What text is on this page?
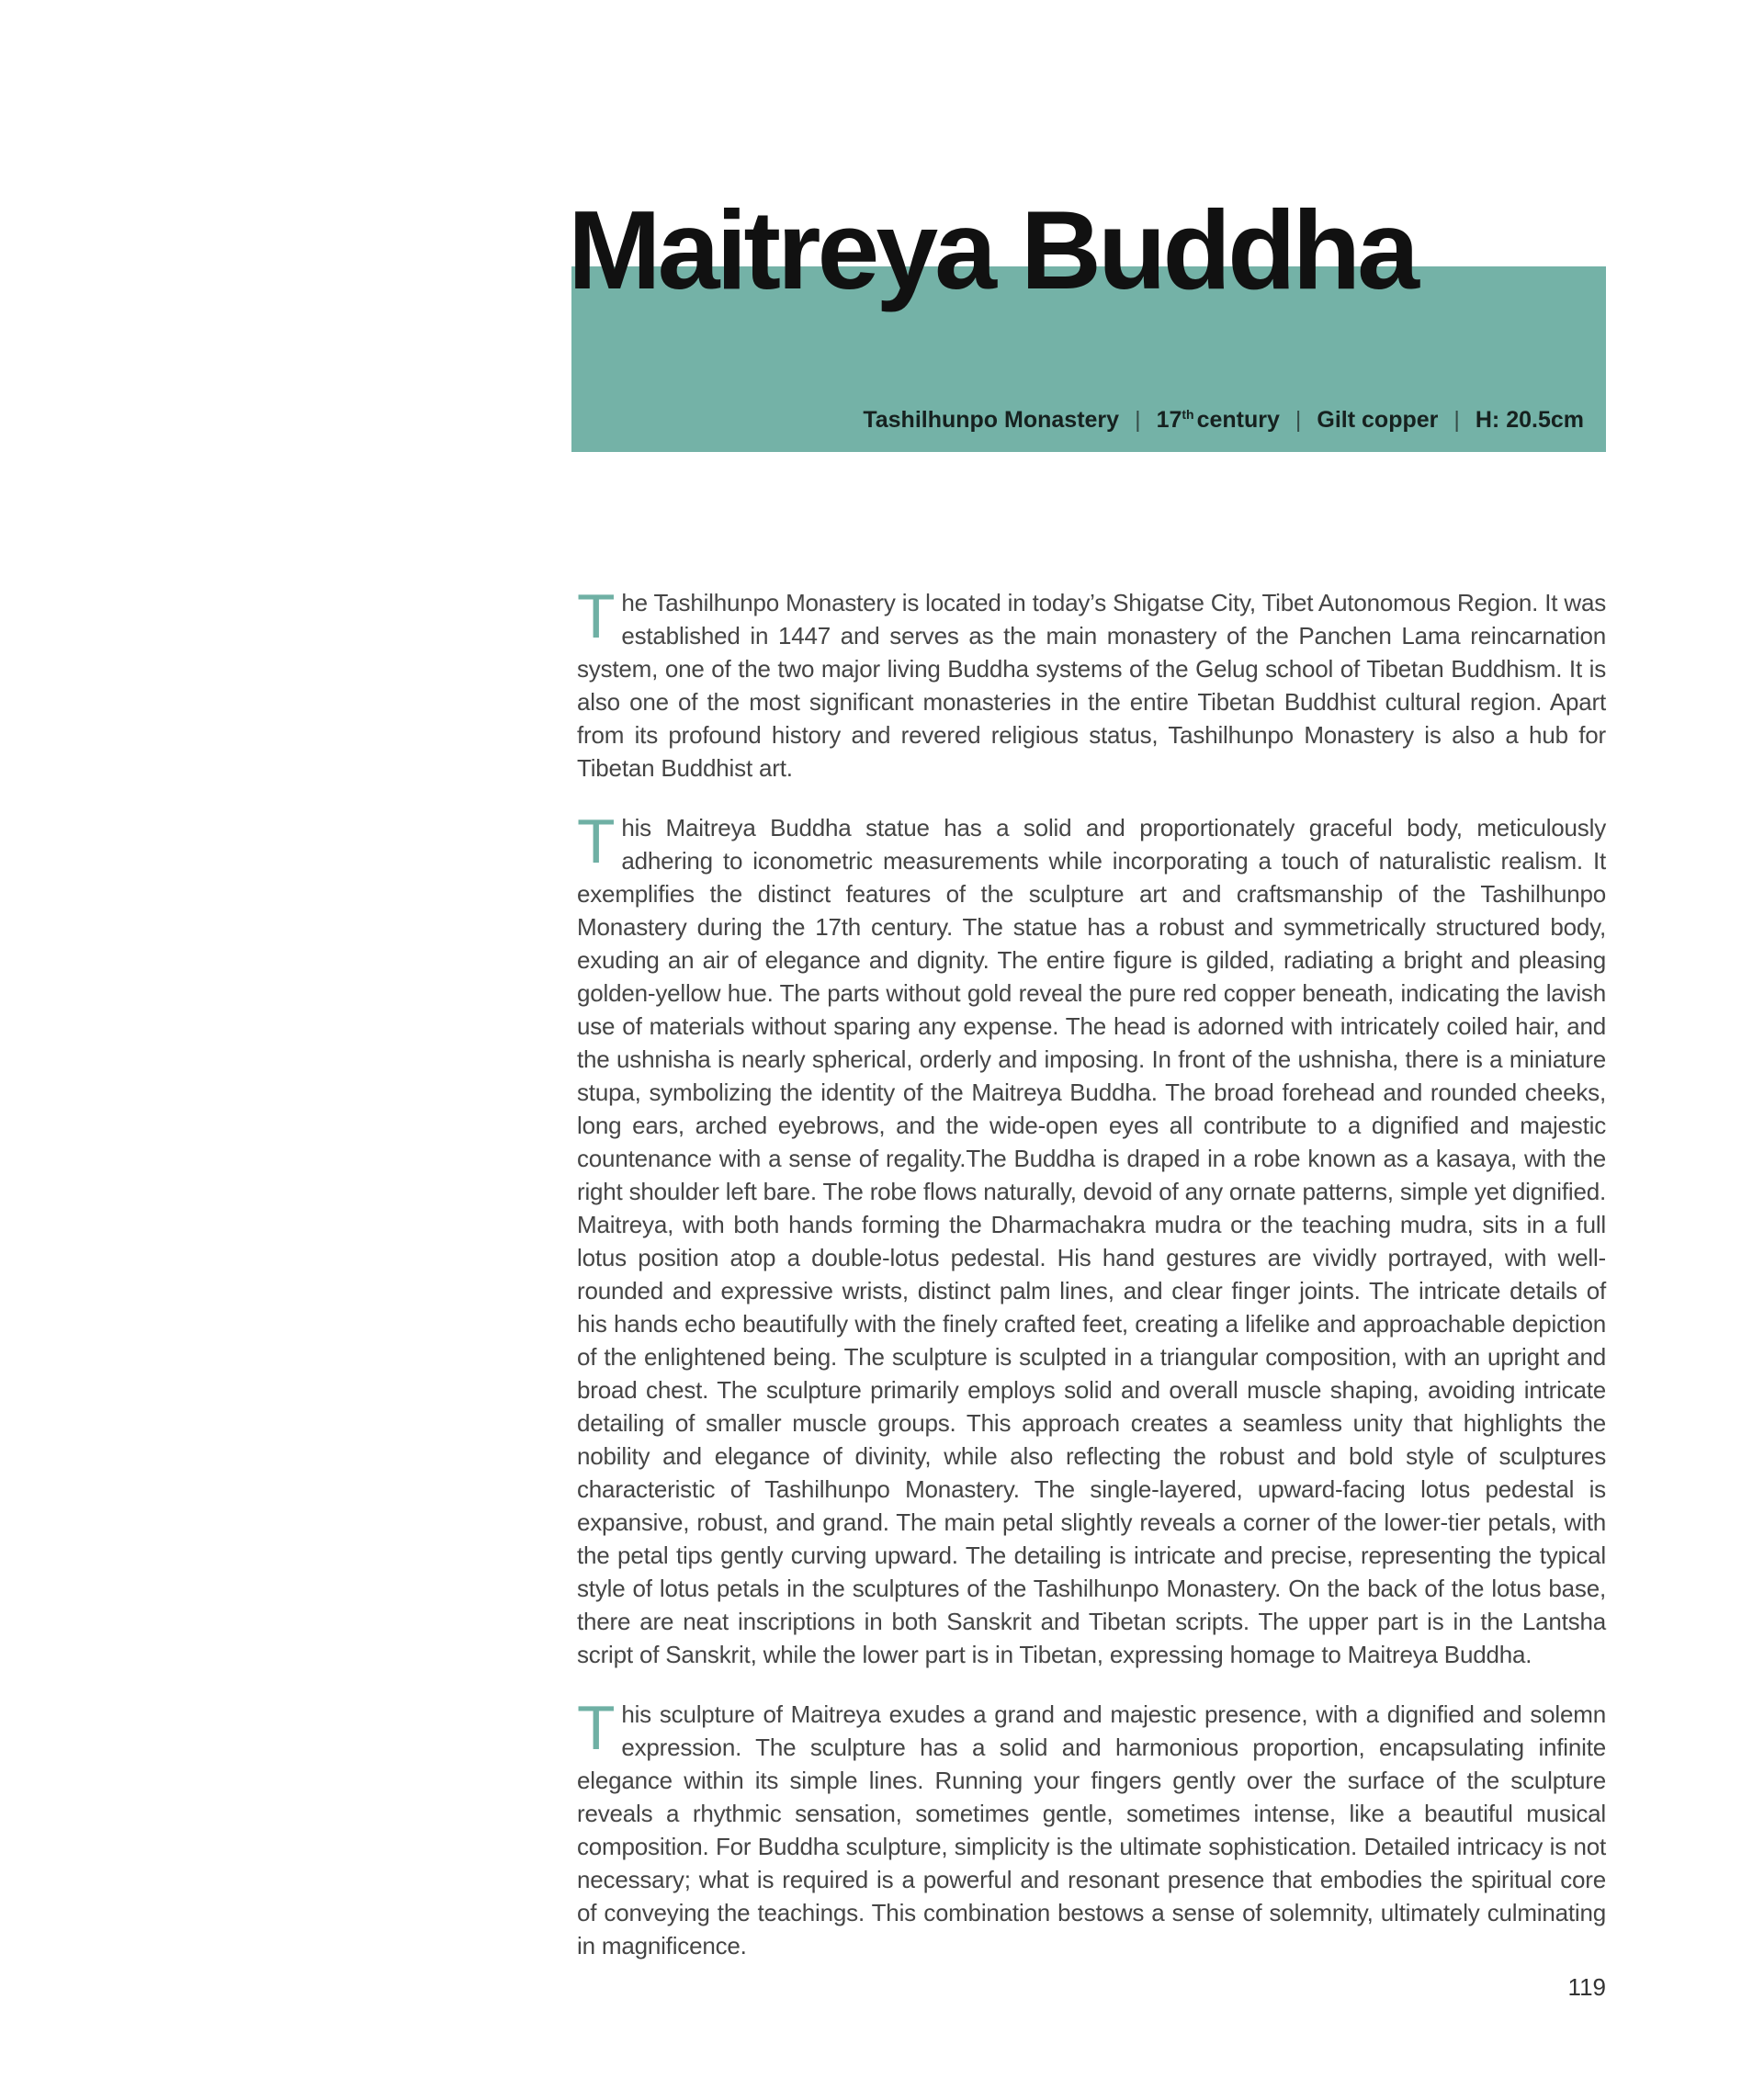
Tashilhunpo Monastery | 17th century | Gilt copper | H: 20.5cm
Maitreya Buddha

The Tashilhunpo Monastery is located in today’s Shigatse City, Tibet Autonomous Region. It was established in 1447 and serves as the main monastery of the Panchen Lama reincarnation system, one of the two major living Buddha systems of the Gelug school of Tibetan Buddhism. It is also one of the most significant monasteries in the entire Tibetan Buddhist cultural region. Apart from its profound history and revered religious status, Tashilhunpo Monastery is also a hub for Tibetan Buddhist art.

This Maitreya Buddha statue has a solid and proportionately graceful body, meticulously adhering to iconometric measurements while incorporating a touch of naturalistic realism. It exemplifies the distinct features of the sculpture art and craftsmanship of the Tashilhunpo Monastery during the 17th century. The statue has a robust and symmetrically structured body, exuding an air of elegance and dignity. The entire figure is gilded, radiating a bright and pleasing golden-yellow hue. The parts without gold reveal the pure red copper beneath, indicating the lavish use of materials without sparing any expense. The head is adorned with intricately coiled hair, and the ushnisha is nearly spherical, orderly and imposing. In front of the ushnisha, there is a miniature stupa, symbolizing the identity of the Maitreya Buddha. The broad forehead and rounded cheeks, long ears, arched eyebrows, and the wide-open eyes all contribute to a dignified and majestic countenance with a sense of regality.The Buddha is draped in a robe known as a kasaya, with the right shoulder left bare. The robe flows naturally, devoid of any ornate patterns, simple yet dignified. Maitreya, with both hands forming the Dharmachakra mudra or the teaching mudra, sits in a full lotus position atop a double-lotus pedestal. His hand gestures are vividly portrayed, with well-rounded and expressive wrists, distinct palm lines, and clear finger joints. The intricate details of his hands echo beautifully with the finely crafted feet, creating a lifelike and approachable depiction of the enlightened being. The sculpture is sculpted in a triangular composition, with an upright and broad chest. The sculpture primarily employs solid and overall muscle shaping, avoiding intricate detailing of smaller muscle groups. This approach creates a seamless unity that highlights the nobility and elegance of divinity, while also reflecting the robust and bold style of sculptures characteristic of Tashilhunpo Monastery. The single-layered, upward-facing lotus pedestal is expansive, robust, and grand. The main petal slightly reveals a corner of the lower-tier petals, with the petal tips gently curving upward. The detailing is intricate and precise, representing the typical style of lotus petals in the sculptures of the Tashilhunpo Monastery. On the back of the lotus base, there are neat inscriptions in both Sanskrit and Tibetan scripts. The upper part is in the Lantsha script of Sanskrit, while the lower part is in Tibetan, expressing homage to Maitreya Buddha.

This sculpture of Maitreya exudes a grand and majestic presence, with a dignified and solemn expression. The sculpture has a solid and harmonious proportion, encapsulating infinite elegance within its simple lines. Running your fingers gently over the surface of the sculpture reveals a rhythmic sensation, sometimes gentle, sometimes intense, like a beautiful musical composition. For Buddha sculpture, simplicity is the ultimate sophistication. Detailed intricacy is not necessary; what is required is a powerful and resonant presence that embodies the spiritual core of conveying the teachings. This combination bestows a sense of solemnity, ultimately culminating in magnificence.

119
